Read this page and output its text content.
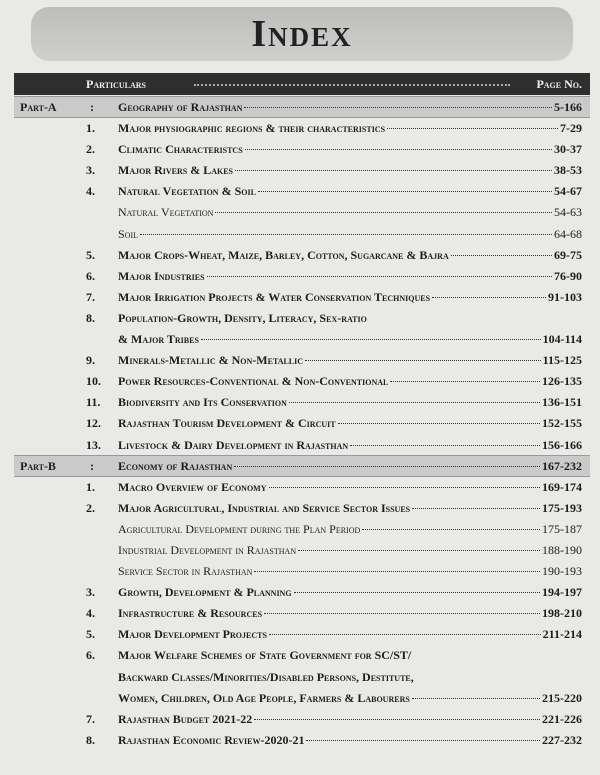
Index
Particulars	Page No.
Part-A	: Geography of Rajasthan	5-166
1. Major physiographic regions & their characteristics	7-29
2. Climatic Characteristcs	30-37
3. Major Rivers & Lakes	38-53
4. Natural Vegetation & Soil	54-67
Natural Vegetation	54-63
Soil	64-68
5. Major Crops-Wheat, Maize, Barley, Cotton, Sugarcane & Bajra	69-75
6. Major Industries	76-90
7. Major Irrigation Projects & Water Conservation Techniques	91-103
8. Population-Growth, Density, Literacy, Sex-ratio
& Major Tribes	104-114
9. Minerals-Metallic & Non-Metallic	115-125
10. Power Resources-Conventional & Non-Conventional	126-135
11. Biodiversity and Its Conservation	136-151
12. Rajasthan Tourism Development & Circuit	152-155
13. Livestock & Dairy Development in Rajasthan	156-166
Part-B	: Economy of Rajasthan	167-232
1. Macro Overview of Economy	169-174
2. Major Agricultural, Industrial and Service Sector Issues	175-193
Agricultural Development during the Plan Period	175-187
Industrial Development in Rajasthan	188-190
Service Sector in Rajasthan	190-193
3. Growth, Development & Planning	194-197
4. Infrastructure & Resources	198-210
5. Major Development Projects	211-214
6. Major Welfare Schemes of State Government for SC/ST/
Backward Classes/Minorities/Disabled Persons, Destitute,
Women, Children, Old Age People, Farmers & Labourers	215-220
7. Rajasthan Budget 2021-22	221-226
8. Rajasthan Economic Review-2020-21	227-232
